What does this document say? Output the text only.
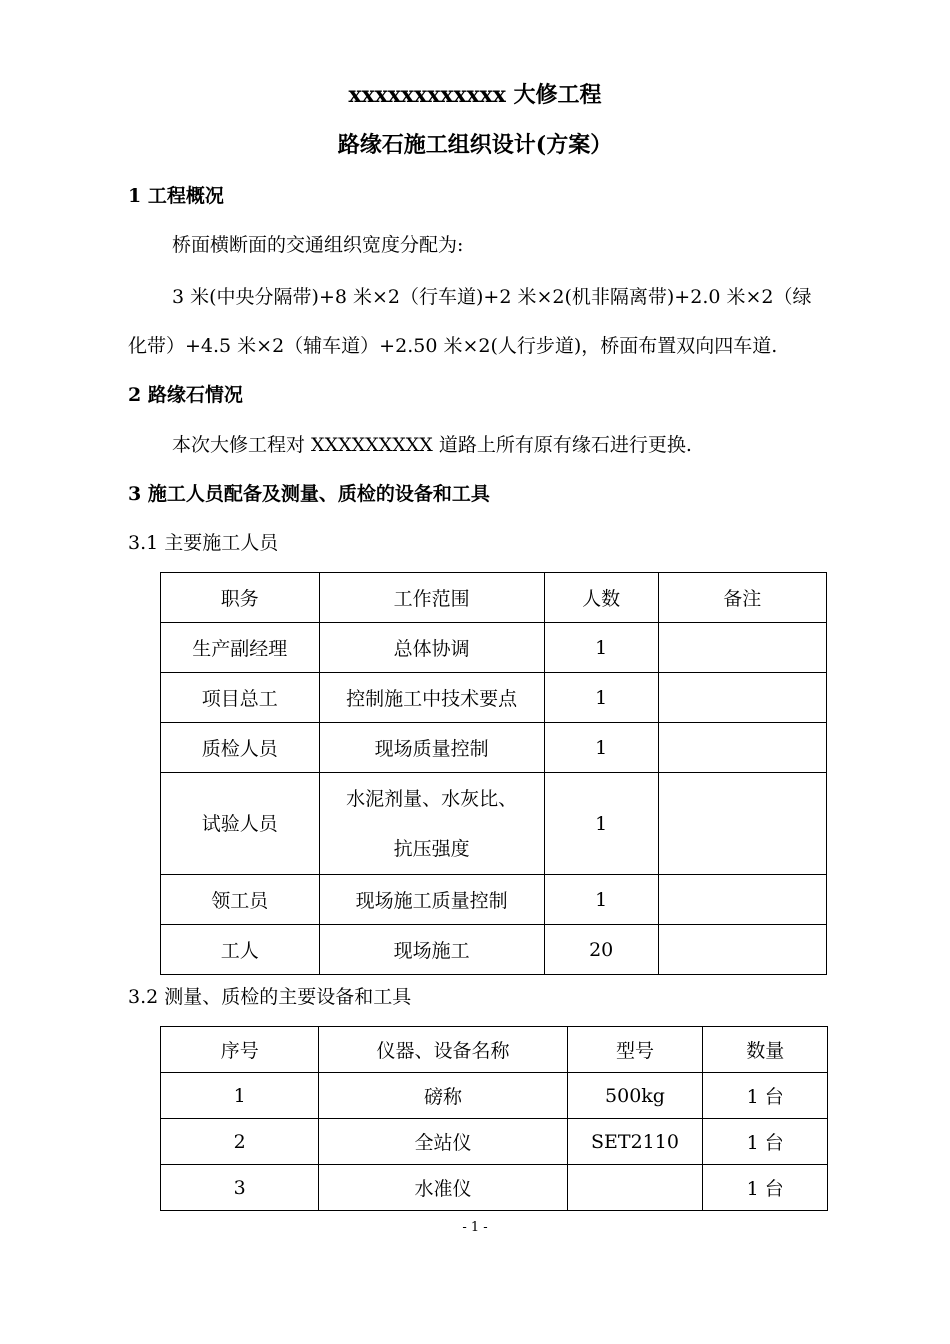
xxxxxxxxxxxx 大修工程

路缘石施工组织设计(方案）

1 工程概况

桥面横断面的交通组织宽度分配为:

3 米(中央分隔带)+8 米×2（行车道)+2 米×2(机非隔离带)+2.0 米×2（绿

化带）+4.5 米×2（辅车道）+2.50 米×2(人行步道)，桥面布置双向四车道.

2 路缘石情况

本次大修工程对 XXXXXXXXX 道路上所有原有缘石进行更换.

3 施工人员配备及测量、质检的设备和工具

3.1 主要施工人员

职务	工作范围	人数	备注
生产副经理	总体协调	1	
项目总工	控制施工中技术要点	1	
质检人员	现场质量控制	1	
试验人员	水泥剂量、水灰比、
抗压强度	1	
领工员	现场施工质量控制	1	
工人	现场施工	20	

3.2 测量、质检的主要设备和工具

序号	仪器、设备名称	型号	数量
1	磅称	500kg	1 台
2	全站仪	SET2110	1 台
3	水准仪		1 台

- 1 -
